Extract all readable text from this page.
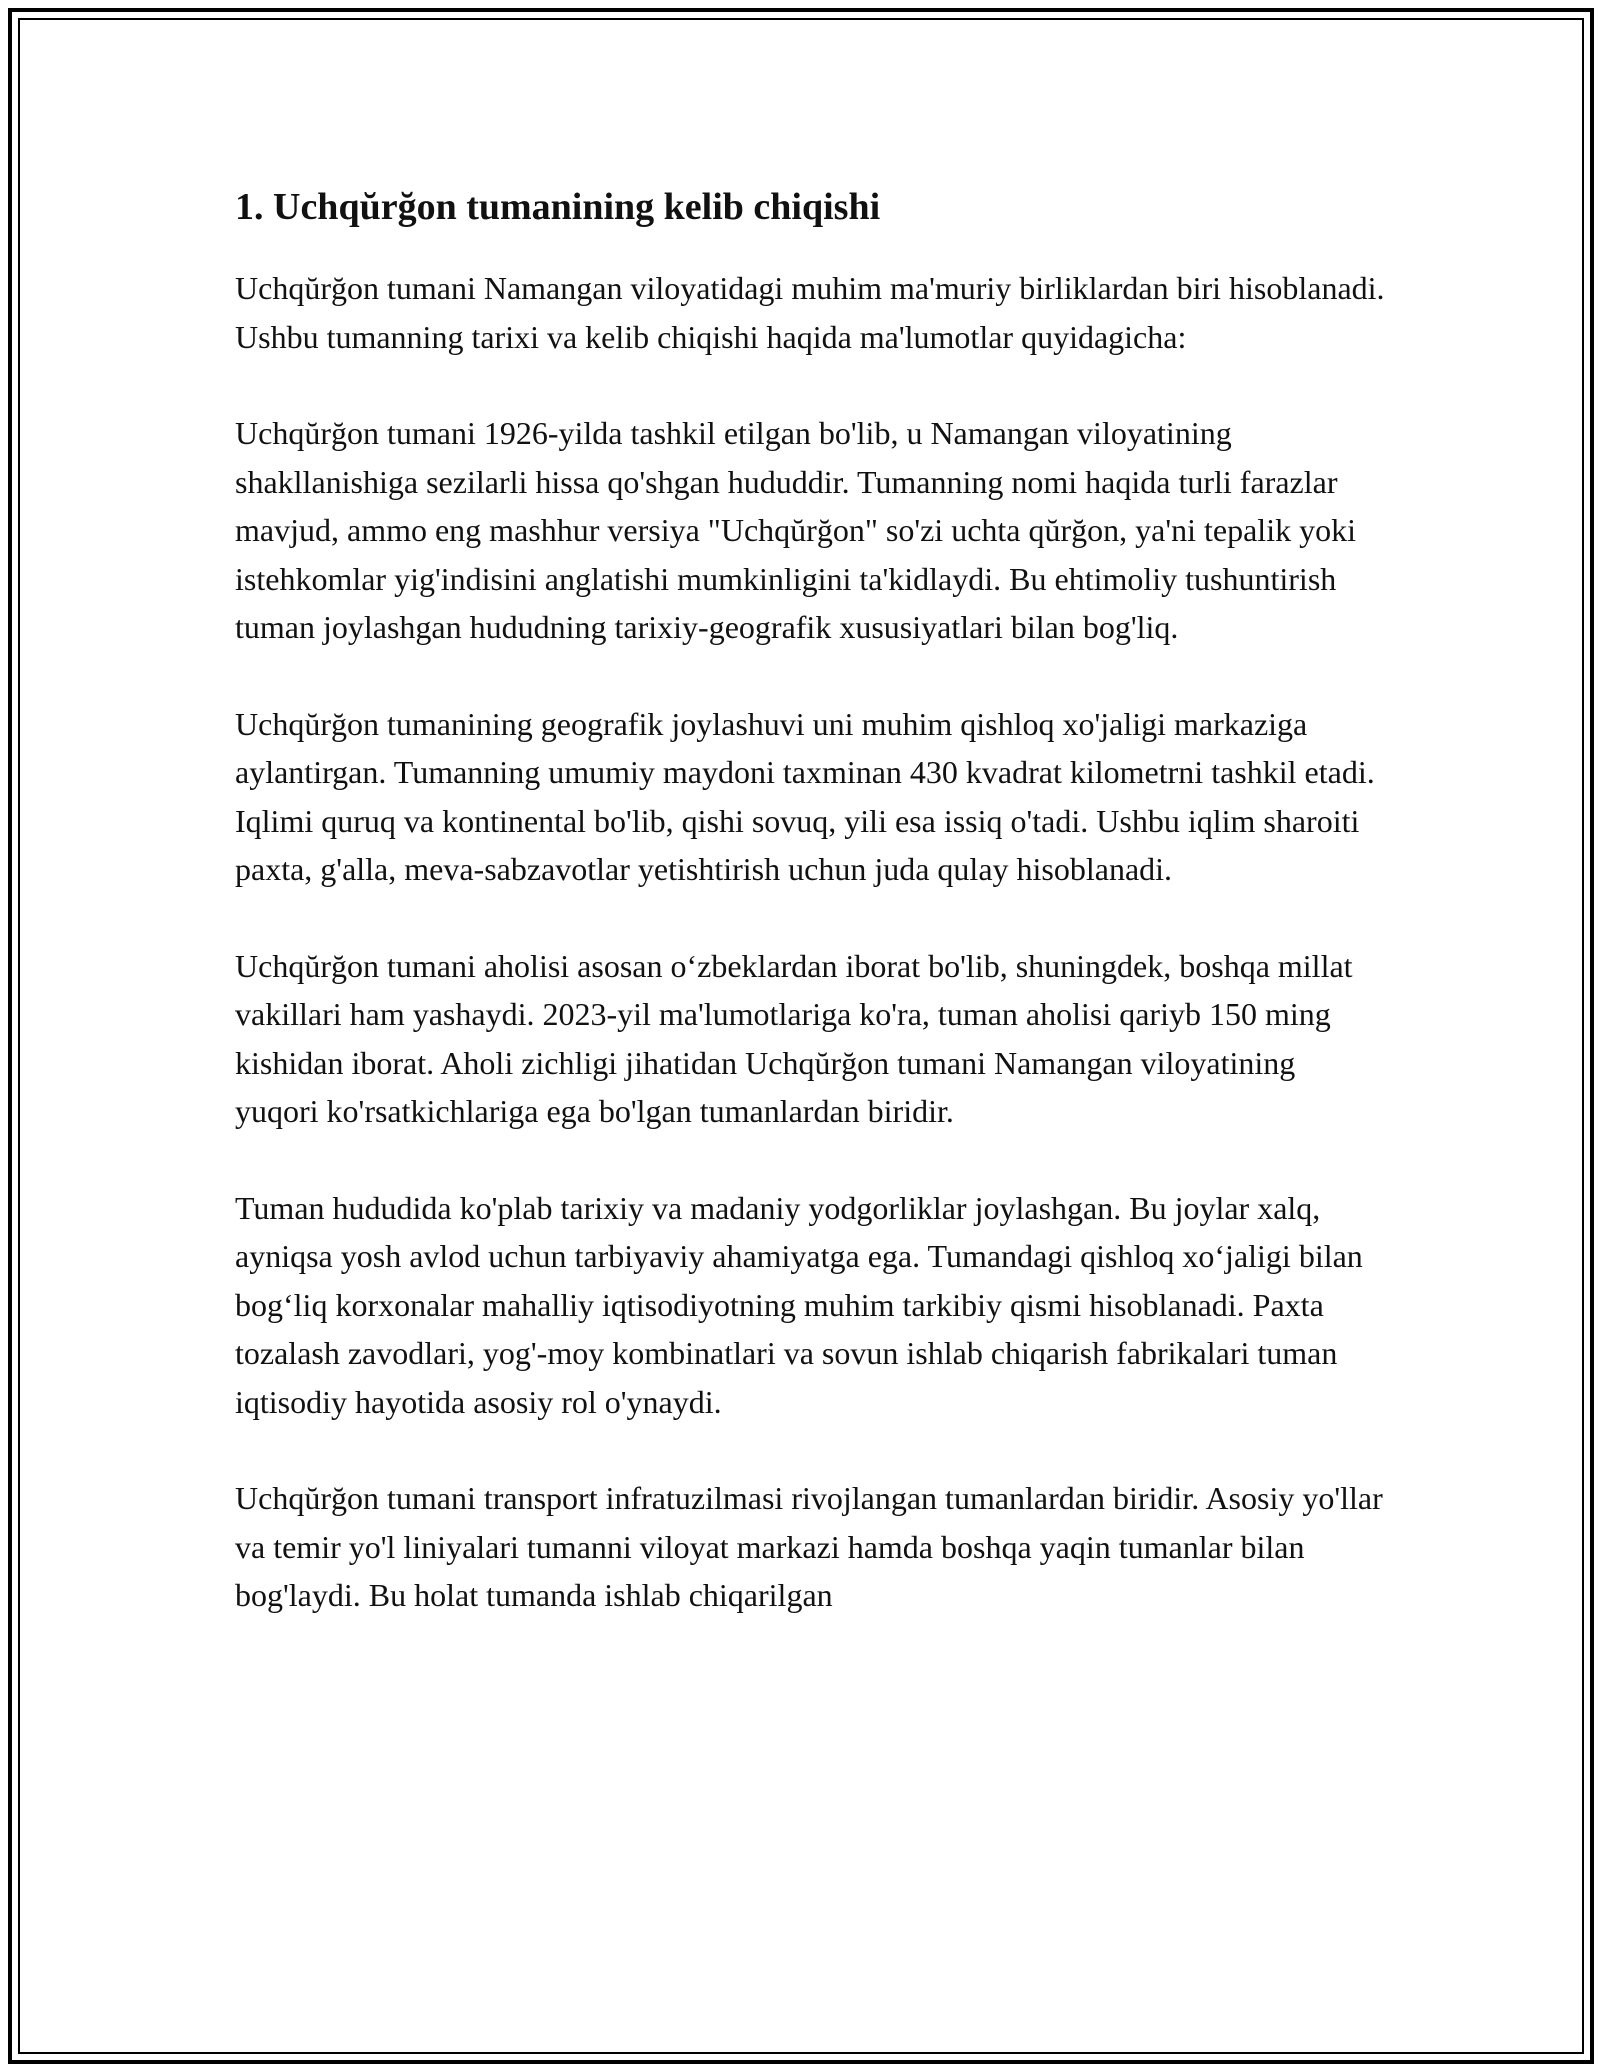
1. Uchqŭrğon tumanining kelib chiqishi

Uchqŭrğon tumani Namangan viloyatidagi muhim ma'muriy birliklardan biri hisoblanadi. Ushbu tumanning tarixi va kelib chiqishi haqida ma'lumotlar quyidagicha:

Uchqŭrğon tumani 1926-yilda tashkil etilgan bo'lib, u Namangan viloyatining shakllanishiga sezilarli hissa qo'shgan hududdir. Tumanning nomi haqida turli farazlar mavjud, ammo eng mashhur versiya "Uchqŭrğon" so'zi uchta qŭrğon, ya'ni tepalik yoki istehkomlar yig'indisini anglatishi mumkinligini ta'kidlaydi. Bu ehtimoliy tushuntirish tuman joylashgan hududning tarixiy-geografik xususiyatlari bilan bog'liq.

Uchqŭrğon tumanining geografik joylashuvi uni muhim qishloq xo'jaligi markaziga aylantirgan. Tumanning umumiy maydoni taxminan 430 kvadrat kilometrni tashkil etadi. Iqlimi quruq va kontinental bo'lib, qishi sovuq, yili esa issiq o'tadi. Ushbu iqlim sharoiti paxta, g'alla, meva-sabzavotlar yetishtirish uchun juda qulay hisoblanadi.

Uchqŭrğon tumani aholisi asosan oʻzbeklardan iborat bo'lib, shuningdek, boshqa millat vakillari ham yashaydi. 2023-yil ma'lumotlariga ko'ra, tuman aholisi qariyb 150 ming kishidan iborat. Aholi zichligi jihatidan Uchqŭrğon tumani Namangan viloyatining yuqori ko'rsatkichlariga ega bo'lgan tumanlardan biridir.

Tuman hududida ko'plab tarixiy va madaniy yodgorliklar joylashgan. Bu joylar xalq, ayniqsa yosh avlod uchun tarbiyaviy ahamiyatga ega. Tumandagi qishloq xoʻjaligi bilan bogʻliq korxonalar mahalliy iqtisodiyotning muhim tarkibiy qismi hisoblanadi. Paxta tozalash zavodlari, yog'-moy kombinatlari va sovun ishlab chiqarish fabrikalari tuman iqtisodiy hayotida asosiy rol o'ynaydi.

Uchqŭrğon tumani transport infratuzilmasi rivojlangan tumanlardan biridir. Asosiy yo'llar va temir yo'l liniyalari tumanni viloyat markazi hamda boshqa yaqin tumanlar bilan bog'laydi. Bu holat tumanda ishlab chiqarilgan
